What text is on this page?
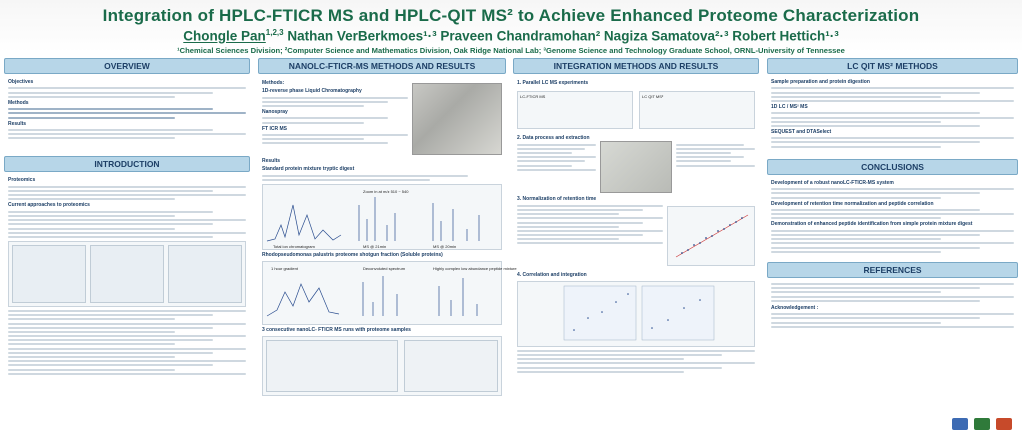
Integration of HPLC-FTICR MS and HPLC-QIT MS² to Achieve Enhanced Proteome Characterization
Chongle Pan$^{1,2,3}$ Nathan VerBerkmoes¹·³ Praveen Chandramohan² Nagiza Samatova²·³ Robert Hettich¹·³
¹Chemical Sciences Division; ²Computer Science and Mathematics Division, Oak Ridge National Lab; ³Genome Science and Technology Graduate School, ORNL-University of Tennessee
OVERVIEW
Objectives
Methods
Results
INTRODUCTION
Proteomics
Current approaches to proteomics
NANOLC-FTICR-MS METHODS AND RESULTS
Methods:
1D-reverse phase Liquid Chromatography
Nanospray
FT ICR MS
Results
Standard protein mixture tryptic digest
Zoom in at m/z 510 ~ 540
Total ion chromatogram	MS @ 21min	MS @ 20min
Rhodopseudomonas palustris proteome shotgun fraction (Soluble proteins)
1 hour gradient	Deconvoluted spectrum	Highly complex low abundance peptide mixture
3 consecutive nanoLC- FTICR MS runs with proteome samples
INTEGRATION METHODS AND RESULTS
1. Parallel LC MS experiments
LC-FTICR MS	LC QIT MS²
2. Data process and extraction
3. Normalization of retention time
4. Correlation and integration
LC QIT MS² METHODS
Sample preparation and protein digestion
1D LC / MS² MS
SEQUEST and DTASelect
CONCLUSIONS
Development of a robust nanoLC-FTICR-MS system
Development of retention time normalization and peptide correlation
Demonstration of enhanced peptide identification from simple protein mixture digest
REFERENCES
Acknowledgement :
